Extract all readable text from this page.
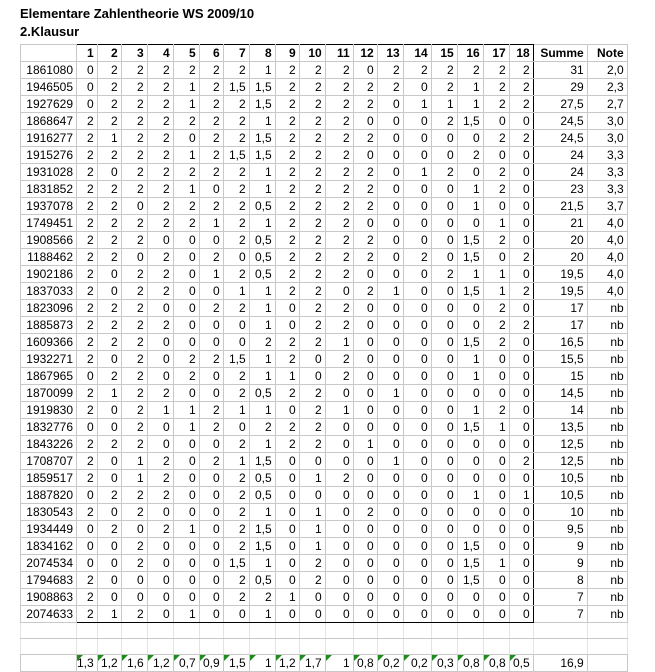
Elementare Zahlentheorie WS 2009/10
2.Klausur
	1	2	3	4	5	6	7	8	9	10	11	12	13	14	15	16	17	18	Summe	Note
1861080	0	2	2	2	2	2	2	1	2	2	2	0	2	2	2	2	2	2	31	2,0
1946505	0	2	2	2	1	2	1,5	1,5	2	2	2	2	2	0	2	1	2	2	29	2,3
1927629	0	2	2	2	1	2	2	1,5	2	2	2	2	0	1	1	1	2	2	27,5	2,7
1868647	2	2	2	2	2	2	2	1	2	2	2	0	0	0	2	1,5	0	0	24,5	3,0
1916277	2	1	2	2	0	2	2	1,5	2	2	2	2	0	0	0	0	2	2	24,5	3,0
1915276	2	2	2	2	1	2	1,5	1,5	2	2	2	0	0	0	0	2	0	0	24	3,3
1931028	2	0	2	2	2	2	2	1	2	2	2	2	0	1	2	0	2	0	24	3,3
1831852	2	2	2	2	1	0	2	1	2	2	2	2	0	0	0	1	2	0	23	3,3
1937078	2	2	0	2	2	2	2	0,5	2	2	2	2	0	0	0	1	0	0	21,5	3,7
1749451	2	2	2	2	2	1	2	1	2	2	2	0	0	0	0	0	1	0	21	4,0
1908566	2	2	2	0	0	0	2	0,5	2	2	2	2	0	0	0	1,5	2	0	20	4,0
1188462	2	2	0	2	0	2	0	0,5	2	2	2	2	0	2	0	1,5	0	2	20	4,0
1902186	2	0	2	2	0	1	2	0,5	2	2	2	0	0	0	2	1	1	0	19,5	4,0
1837033	2	0	2	2	0	0	1	1	2	2	0	2	1	0	0	1,5	1	2	19,5	4,0
1823096	2	2	2	0	0	2	2	1	0	2	2	0	0	0	0	0	2	0	17	nb
1885873	2	2	2	2	0	0	0	1	0	2	2	0	0	0	0	0	2	2	17	nb
1609366	2	2	2	0	0	0	0	2	2	2	1	0	0	0	0	1,5	2	0	16,5	nb
1932271	2	0	2	0	2	2	1,5	1	2	0	2	0	0	0	0	1	0	0	15,5	nb
1867965	0	2	2	0	2	0	2	1	1	0	2	0	0	0	0	1	0	0	15	nb
1870099	2	1	2	2	0	0	2	0,5	2	2	0	0	1	0	0	0	0	0	14,5	nb
1919830	2	0	2	1	1	2	1	1	0	2	1	0	0	0	0	1	2	0	14	nb
1832776	0	0	2	0	1	2	0	2	2	2	0	0	0	0	0	1,5	1	0	13,5	nb
1843226	2	2	2	0	0	0	2	1	2	2	0	1	0	0	0	0	0	0	12,5	nb
1708707	2	0	1	2	0	2	1	1,5	0	0	0	0	1	0	0	0	0	2	12,5	nb
1859517	2	0	1	2	0	0	2	0,5	0	1	2	0	0	0	0	0	0	0	10,5	nb
1887820	0	2	2	2	0	0	2	0,5	0	0	0	0	0	0	0	1	0	1	10,5	nb
1830543	2	0	2	0	0	0	2	1	0	1	0	2	0	0	0	0	0	0	10	nb
1934449	0	2	0	2	1	0	2	1,5	0	1	0	0	0	0	0	0	0	0	9,5	nb
1834162	0	0	2	0	0	0	2	1,5	0	1	0	0	0	0	0	1,5	0	0	9	nb
2074534	0	0	2	0	0	0	1,5	1	0	2	0	0	0	0	0	1,5	1	0	9	nb
1794683	2	0	0	0	0	0	2	0,5	0	2	0	0	0	0	0	1,5	0	0	8	nb
1908863	2	0	0	0	0	0	2	2	1	0	0	0	0	0	0	0	0	0	7	nb
2074633	2	1	2	0	1	0	0	1	0	0	0	0	0	0	0	0	0	0	7	nb

	1,3	1,2	1,6	1,2	0,7	0,9	1,5	1	1,2	1,7	1	0,8	0,2	0,2	0,3	0,8	0,8	0,5	16,9	
